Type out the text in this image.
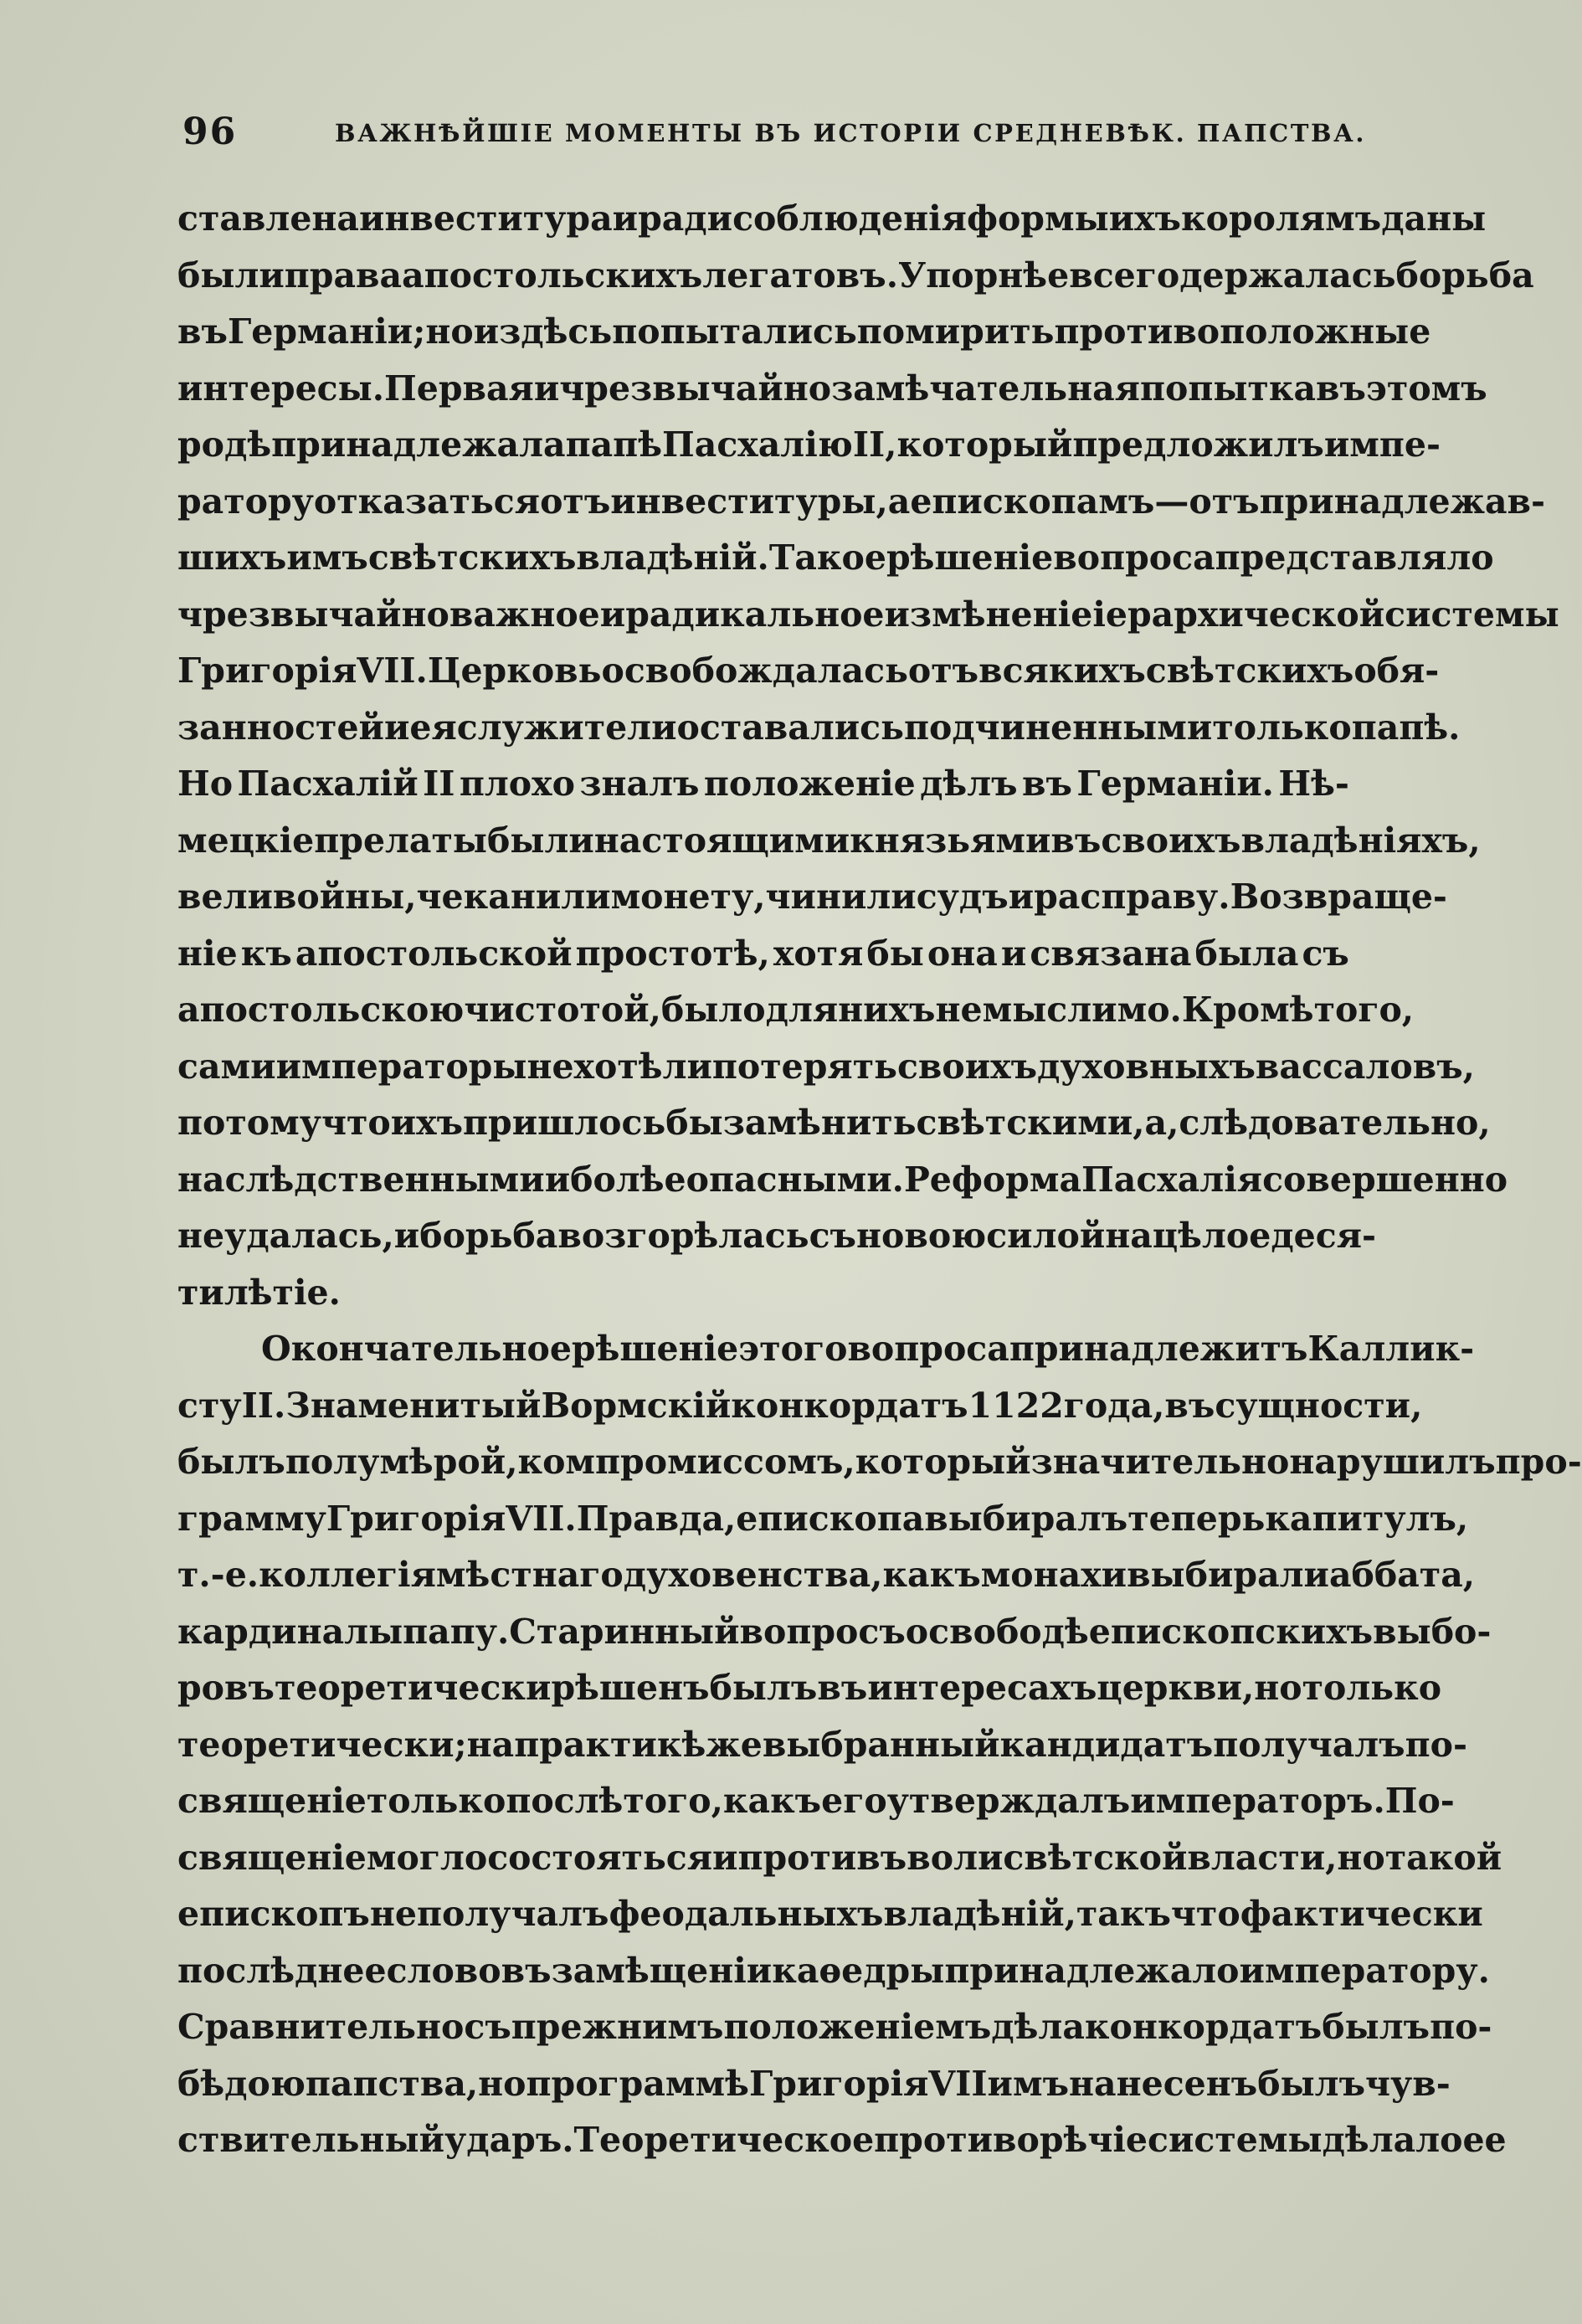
96	ВАЖНѢЙШІЕ МОМЕНТЫ ВЪ ИСТОРІИ СРЕДНЕВѢК. ПАПСТВА.
ставлена инвеститура и ради соблюденія формы ихъ королямъ даны
были права апостольскихъ легатовъ. Упорнѣе всего держалась борьба
въ Германіи; но и здѣсь попытались помирить противоположные
интересы. Первая и чрезвычайно замѣчательная попытка въ этомъ
родѣ принадлежала папѣ Пасхалію II, который предложилъ импе-
ратору отказаться отъ инвеституры, а епископамъ—отъ принадлежав-
шихъ имъ свѣтскихъ владѣній. Такое рѣшеніе вопроса представляло
чрезвычайно важное и радикальное измѣненіе іерархической системы
Григорія VII. Церковь освобождалась отъ всякихъ свѣтскихъ обя-
занностей и ея служители оставались подчиненными только папѣ.
Но Пасхалій II плохо зналъ положеніе дѣлъ въ Германіи. Нѣ-
мецкіе прелаты были настоящими князьями въ своихъ владѣніяхъ,
вели войны, чеканили монету, чинили судъ и расправу. Возвраще-
ніе къ апостольской простотѣ, хотя бы она и связана была съ
апостольскою чистотой, было для нихъ немыслимо. Кромѣ того,
сами императоры не хотѣли потерять своихъ духовныхъ вассаловъ,
потому что ихъ пришлось бы замѣнить свѣтскими, а, слѣдовательно,
наслѣдственными и болѣе опасными. Реформа Пасхалія совершенно
не удалась, и борьба возгорѣлась съ новою силой на цѣлое деся-
тилѣтіе.
Окончательное рѣшеніе этого вопроса принадлежитъ Каллик-
сту II. Знаменитый Вормскій конкордатъ 1122 года, въ сущности,
былъ полумѣрой, компромиссомъ, который значительно нарушилъ про-
грамму Григорія VII. Правда, епископа выбиралъ теперь капитулъ,
т.-е. коллегія мѣстнаго духовенства, какъ монахи выбирали аббата,
кардиналы папу. Старинный вопросъ о свободѣ епископскихъ выбо-
ровъ теоретически рѣшенъ былъ въ интересахъ церкви, но только
теоретически; на практикѣ же выбранный кандидатъ получалъ по-
священіе только послѣ того, какъ его утверждалъ императоръ. По-
священіе могло состояться и противъ воли свѣтской власти, но такой
епископъ не получалъ феодальныхъ владѣній, такъ что фактически
послѣднее слово въ замѣщеніи каѳедры принадлежало императору.
Сравнительно съ прежнимъ положеніемъ дѣла конкордатъ былъ по-
бѣдою папства, но программѣ Григорія VII имъ нанесенъ былъ чув-
ствительный ударъ. Теоретическое противорѣчіе системы дѣлало ее
